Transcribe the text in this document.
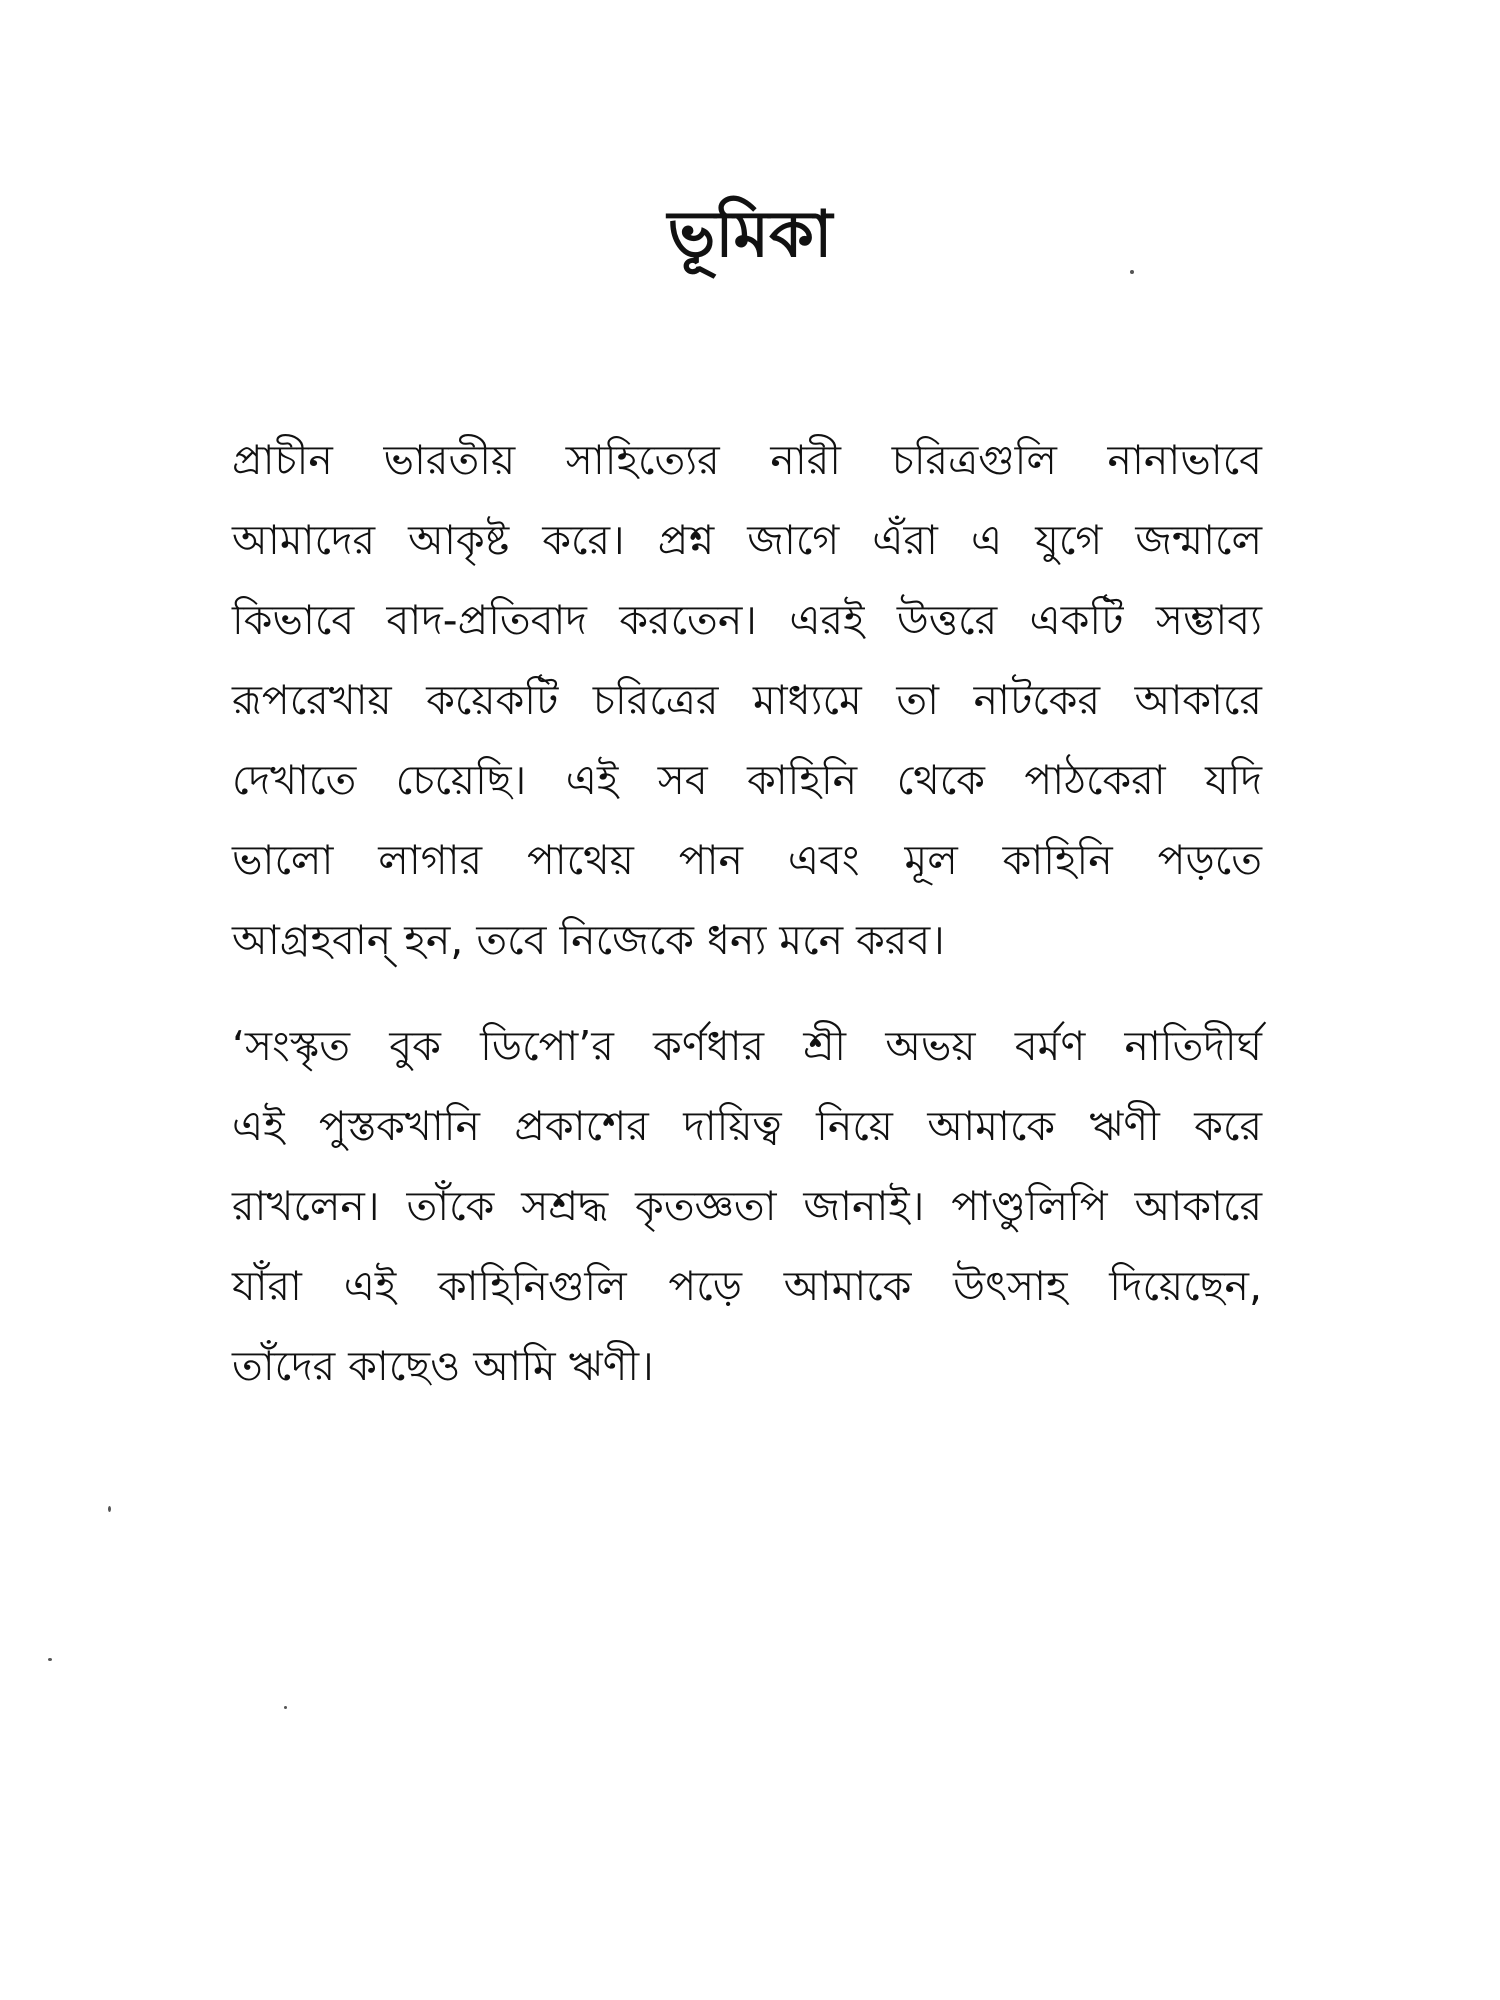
ভূমিকা
প্রাচীন ভারতীয় সাহিত্যের নারী চরিত্রগুলি নানাভাবে
আমাদের আকৃষ্ট করে। প্রশ্ন জাগে এঁরা এ যুগে জন্মালে
কিভাবে বাদ-প্রতিবাদ করতেন। এরই উত্তরে একটি সম্ভাব্য
রূপরেখায় কয়েকটি চরিত্রের মাধ্যমে তা নাটকের আকারে
দেখাতে চেয়েছি। এই সব কাহিনি থেকে পাঠকেরা যদি
ভালো লাগার পাথেয় পান এবং মূল কাহিনি পড়তে
আগ্রহবান্ হন, তবে নিজেকে ধন্য মনে করব।
‘সংস্কৃত বুক ডিপো’র কর্ণধার শ্রী অভয় বর্মণ নাতিদীর্ঘ
এই পুস্তকখানি প্রকাশের দায়িত্ব নিয়ে আমাকে ঋণী করে
রাখলেন। তাঁকে সশ্রদ্ধ কৃতজ্ঞতা জানাই। পাণ্ডুলিপি আকারে
যাঁরা এই কাহিনিগুলি পড়ে আমাকে উৎসাহ দিয়েছেন,
তাঁদের কাছেও আমি ঋণী।
